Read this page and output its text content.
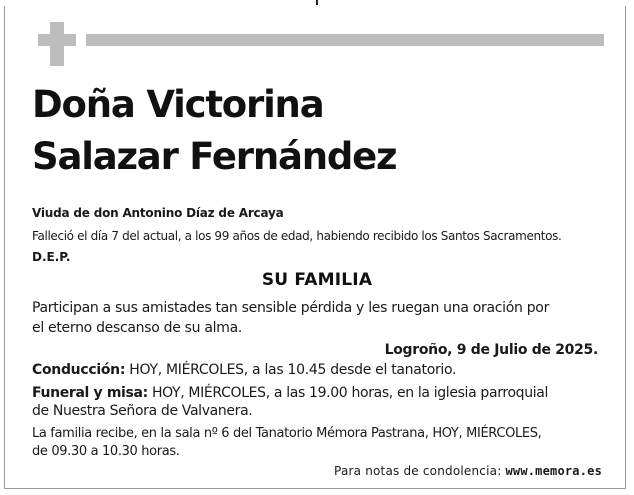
Doña Victorina
Salazar Fernández
Viuda de don Antonino Díaz de Arcaya
Falleció el día 7 del actual, a los 99 años de edad, habiendo recibido los Santos Sacramentos.
D.E.P.
SU FAMILIA
Participan a sus amistades tan sensible pérdida y les ruegan una oración por
el eterno descanso de su alma.
Logroño, 9 de Julio de 2025.
Conducción: HOY, MIÉRCOLES, a las 10.45 desde el tanatorio.
Funeral y misa: HOY, MIÉRCOLES, a las 19.00 horas, en la iglesia parroquial
de Nuestra Señora de Valvanera.
La familia recibe, en la sala nº 6 del Tanatorio Mémora Pastrana, HOY, MIÉRCOLES,
de 09.30 a 10.30 horas.
Para notas de condolencia: www.memora.es
